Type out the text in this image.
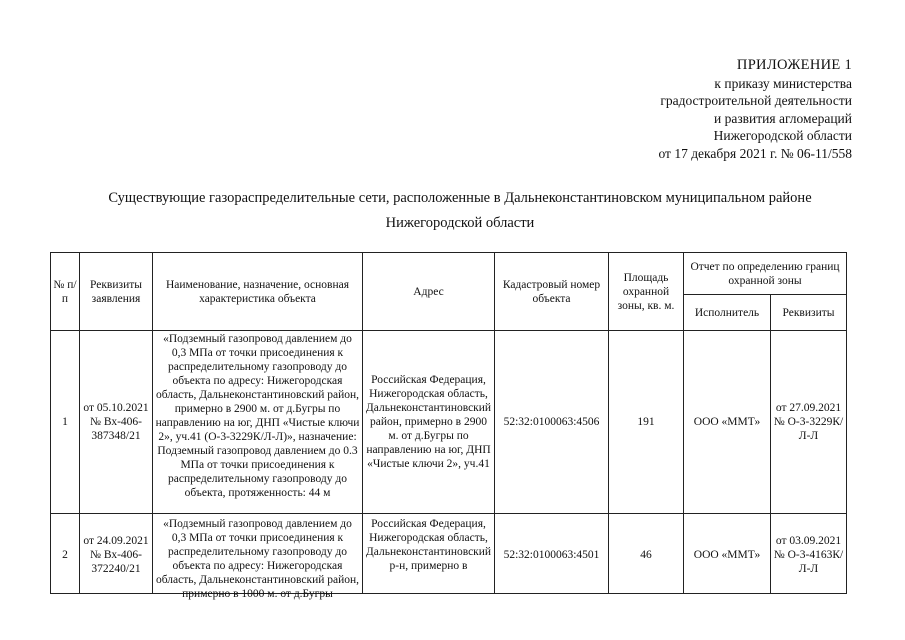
ПРИЛОЖЕНИЕ 1
к приказу министерства
градостроительной деятельности
и развития агломераций
Нижегородской области
от 17 декабря 2021 г. № 06-11/558
Существующие газораспределительные сети, расположенные в Дальнеконстантиновском муниципальном районе
Нижегородской области
№ п/п	Реквизиты заявления	Наименование, назначение, основная характеристика объекта	Адрес	Кадастровый номер объекта	Площадь охранной зоны, кв. м.	Отчет по определению границ охранной зоны	
						Исполнитель	Реквизиты
1	от 05.10.2021 № Вх-406-387348/21	«Подземный газопровод давлением до 0,3 МПа от точки присоединения к распределительному газопроводу до объекта по адресу: Нижегородская область, Дальнеконстантиновский район, примерно в 2900 м. от д.Бугры по направлению на юг, ДНП «Чистые ключи 2», уч.41 (О-3-3229К/Л-Л)», назначение: Подземный газопровод давлением до 0.3 МПа от точки присоединения к распределительному газопроводу до объекта, протяженность: 44 м	Российская Федерация, Нижегородская область, Дальнеконстантиновский район, примерно в 2900 м. от д.Бугры по направлению на юг, ДНП «Чистые ключи 2», уч.41	52:32:0100063:4506	191	ООО «ММТ»	от 27.09.2021 № О-3-3229К/Л-Л
2	от 24.09.2021 № Вх-406-372240/21	«Подземный газопровод давлением до 0,3 МПа от точки присоединения к распределительному газопроводу до объекта по адресу: Нижегородская область, Дальнеконстантиновский район, примерно в 1000 м. от д.Бугры	Российская Федерация, Нижегородская область, Дальнеконстантиновский р-н, примерно в	52:32:0100063:4501	46	ООО «ММТ»	от 03.09.2021 № О-3-4163К/Л-Л
